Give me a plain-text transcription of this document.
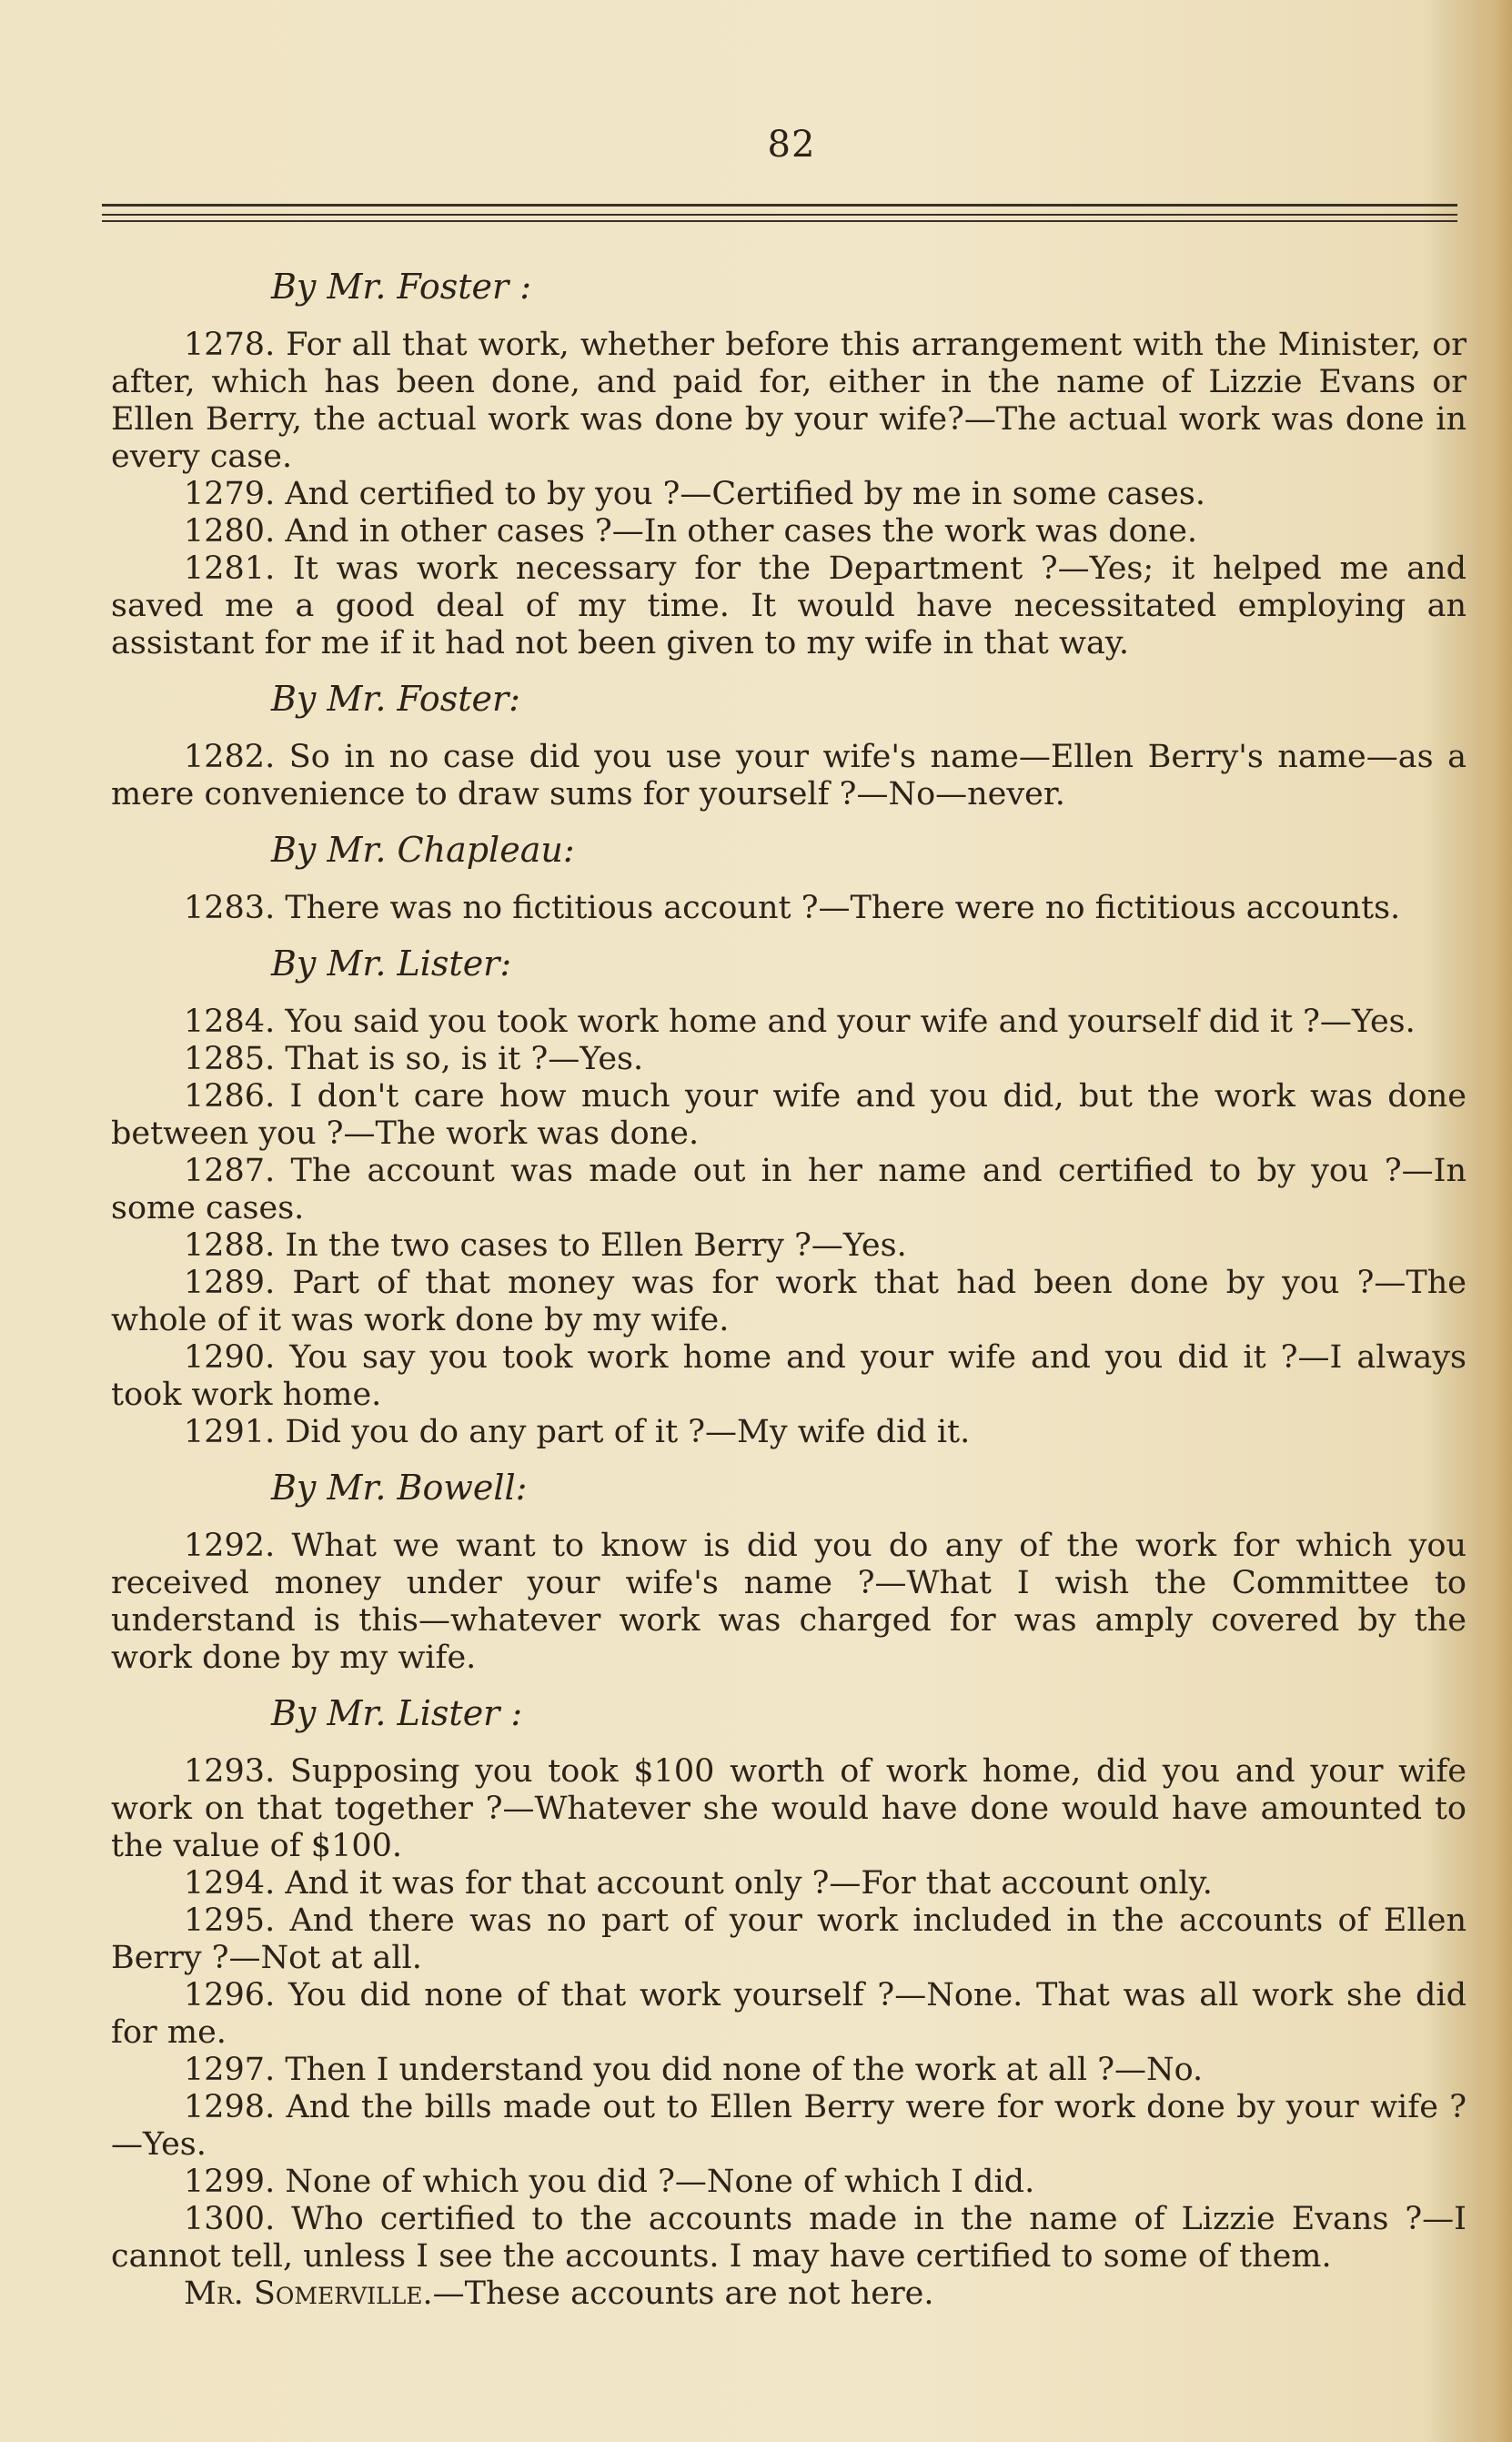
82
By Mr. Foster :

1278. For all that work, whether before this arrangement with the Minister, or after, which has been done, and paid for, either in the name of Lizzie Evans or Ellen Berry, the actual work was done by your wife?—The actual work was done in every case.

1279. And certified to by you ?—Certified by me in some cases.

1280. And in other cases ?—In other cases the work was done.

1281. It was work necessary for the Department ?—Yes; it helped me and saved me a good deal of my time. It would have necessitated employing an assistant for me if it had not been given to my wife in that way.

By Mr. Foster:

1282. So in no case did you use your wife's name—Ellen Berry's name—as a mere convenience to draw sums for yourself ?—No—never.

By Mr. Chapleau:

1283. There was no fictitious account ?—There were no fictitious accounts.

By Mr. Lister:

1284. You said you took work home and your wife and yourself did it ?—Yes.

1285. That is so, is it ?—Yes.

1286. I don't care how much your wife and you did, but the work was done between you ?—The work was done.

1287. The account was made out in her name and certified to by you ?—In some cases.

1288. In the two cases to Ellen Berry ?—Yes.

1289. Part of that money was for work that had been done by you ?—The whole of it was work done by my wife.

1290. You say you took work home and your wife and you did it ?—I always took work home.

1291. Did you do any part of it ?—My wife did it.

By Mr. Bowell:

1292. What we want to know is did you do any of the work for which you received money under your wife's name ?—What I wish the Committee to understand is this—whatever work was charged for was amply covered by the work done by my wife.

By Mr. Lister :

1293. Supposing you took $100 worth of work home, did you and your wife work on that together ?—Whatever she would have done would have amounted to the value of $100.

1294. And it was for that account only ?—For that account only.

1295. And there was no part of your work included in the accounts of Ellen Berry ?—Not at all.

1296. You did none of that work yourself ?—None. That was all work she did for me.

1297. Then I understand you did none of the work at all ?—No.

1298. And the bills made out to Ellen Berry were for work done by your wife ?—Yes.

1299. None of which you did ?—None of which I did.

1300. Who certified to the accounts made in the name of Lizzie Evans ?—I cannot tell, unless I see the accounts. I may have certified to some of them.

Mr. Somerville.—These accounts are not here.
